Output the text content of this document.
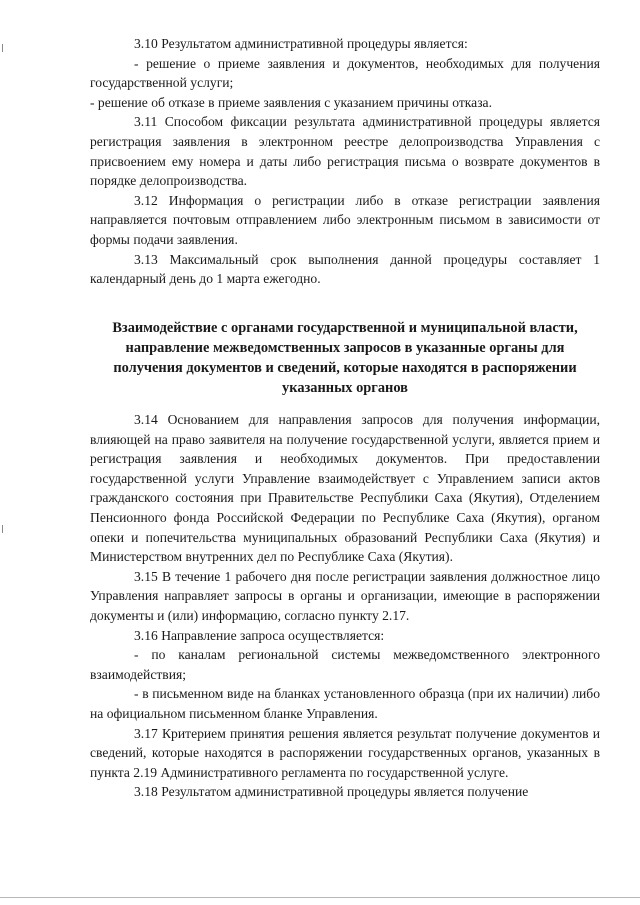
3.10 Результатом административной процедуры является:

- решение о приеме заявления и документов, необходимых для получения государственной услуги;

- решение об отказе в приеме заявления с указанием причины отказа.

3.11 Способом фиксации результата административной процедуры является регистрация заявления в электронном реестре делопроизводства Управления с присвоением ему номера и даты либо регистрация письма о возврате документов в порядке делопроизводства.

3.12 Информация о регистрации либо в отказе регистрации заявления направляется почтовым отправлением либо электронным письмом в зависимости от формы подачи заявления.

3.13 Максимальный срок выполнения данной процедуры составляет 1 календарный день до 1 марта ежегодно.

Взаимодействие с органами государственной и муниципальной власти, направление межведомственных запросов в указанные органы для получения документов и сведений, которые находятся в распоряжении указанных органов

3.14 Основанием для направления запросов для получения информации, влияющей на право заявителя на получение государственной услуги, является прием и регистрация заявления и необходимых документов. При предоставлении государственной услуги Управление взаимодействует с Управлением записи актов гражданского состояния при Правительстве Республики Саха (Якутия), Отделением Пенсионного фонда Российской Федерации по Республике Саха (Якутия), органом опеки и попечительства муниципальных образований Республики Саха (Якутия) и Министерством внутренних дел по Республике Саха (Якутия).

3.15 В течение 1 рабочего дня после регистрации заявления должностное лицо Управления направляет запросы в органы и организации, имеющие в распоряжении документы и (или) информацию, согласно пункту 2.17.

3.16 Направление запроса осуществляется:

- по каналам региональной системы межведомственного электронного взаимодействия;

- в письменном виде на бланках установленного образца (при их наличии) либо на официальном письменном бланке Управления.

3.17 Критерием принятия решения является результат получение документов и сведений, которые находятся в распоряжении государственных органов, указанных в пункта 2.19 Административного регламента по государственной услуге.

3.18 Результатом административной процедуры является получение
